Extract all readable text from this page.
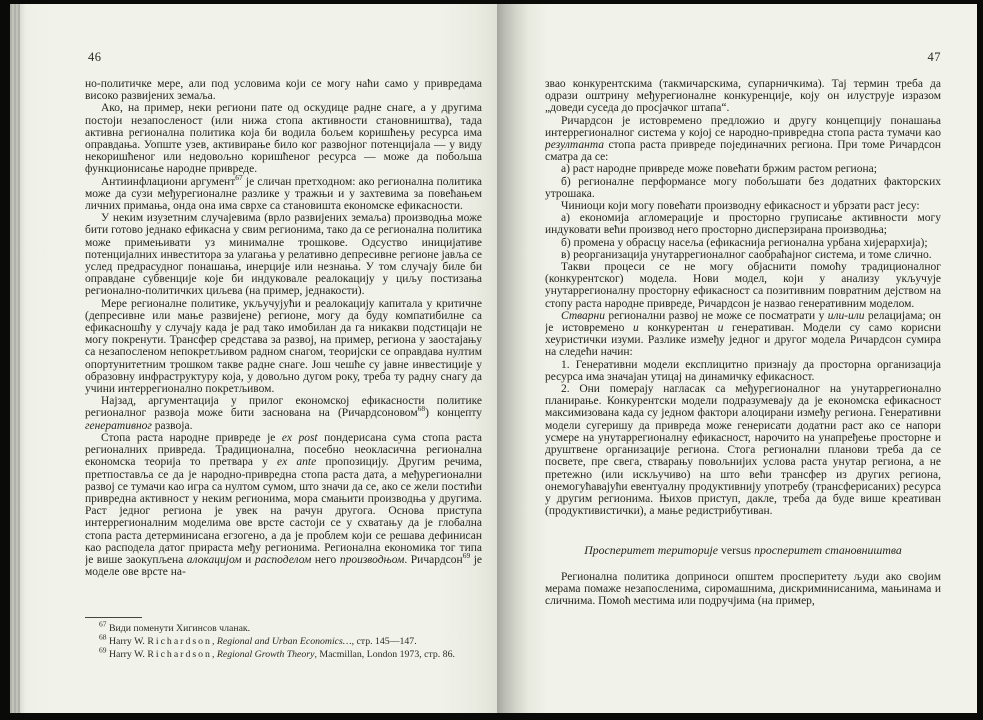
46

но-политичке мере, али под условима који се могу наћи само у привредама високо развијених земаља.

Ако, на пример, неки региони пате од оскудице радне снаге, а у другима постоји незапосленост (или нижа стопа активности становништва), тада активна регионална политика која би водила бољем коришћењу ресурса има оправдања. Уопште узев, активирање било ког развојног потенцијала — у виду некоришћеног или недовољно коришћеног ресурса — може да побољша функционисање народне привреде.

Антиинфлациони аргумент$^{67}$ је сличан претходном: ако регионална политика може да сузи међурегионалне разлике у тражњи и у захтевима за повећањем личних примања, онда она има сврхе са становишта економске ефикасности.

У неким изузетним случајевима (врло развијених земаља) производња може бити готово једнако ефикасна у свим регионима, тако да се регионална политика може примењивати уз минималне трошкове. Одсуство иницијативе потенцијалних инвеститора за улагања у релативно депресивне регионе јавља се услед предрасудног понашања, инерције или незнања. У том случају биле би оправдане субвенције које би индуковале реалокацију у циљу постизања регионално-политичких циљева (на пример, једнакости).

Мере регионалне политике, укључујући и реалокацију капитала у критичне (депресивне или мање развијене) регионе, могу да буду компатибилне са ефикасношћу у случају када је рад тако имобилан да га никакви подстицаји не могу покренути. Трансфер средстава за развој, на пример, региона у заостајању са незапосленом непокретљивом радном снагом, теоријски се оправдава нултим опортунитетним трошком такве радне снаге. Још чешће су јавне инвестиције у образовну инфраструктуру која, у довољно дугом року, треба ту радну снагу да учини интеррегионално покретљивом.

Најзад, аргументација у прилог економској ефикасности политике регионалног развоја може бити заснована на (Ричардсоновом$^{68}$) концепту генеративног развоја.

Стопа раста народне привреде је ex post пондерисана сума стопа раста регионалних привреда. Традиционална, посебно неокласична регионална економска теорија то претвара у ex ante пропозицију. Другим речима, претпоставља се да је народно-привредна стопа раста дата, а међурегионални развој се тумачи као игра са нултом сумом, што значи да се, ако се жели постићи привредна активност у неким регионима, мора смањити производња у другима. Раст једног региона је увек на рачун другога. Основа приступа интеррегионалним моделима ове врсте састоји се у схватању да је глобална стопа раста детерминисана егзогено, а да је проблем који се решава дефинисан као расподела датог прираста међу регионима. Регионална економика тог типа је више заокупљена алокацијом и расподелом него производњом. Ричардсон$^{69}$ је моделе ове врсте на-

$^{67}$ Види поменути Хигинсов чланак.

$^{68}$ Harry W. Richardson, Regional and Urban Economics…, стр. 145—147.

$^{69}$ Harry W. Richardson, Regional Growth Theory, Macmillan, London 1973, стр. 86.

47

звао конкурентскима (такмичарскима, супарничкима). Тај термин треба да одрази оштрину међурегионалне конкуренције, коју он илуструје изразом „доведи суседа до просјачког штапа“.

Ричардсон је истовремено предложио и другу концепцију понашања интеррегионалног система у којој се народно-привредна стопа раста тумачи као резултанта стопа раста привреде појединачних региона. При томе Ричардсон сматра да се:

а) раст народне привреде може повећати бржим растом региона;

б) регионалне перформансе могу побољшати без додатних факторских утрошака.

Чиниоци који могу повећати производну ефикасност и убрзати раст јесу:

а) економија агломерације и просторно груписање активности могу индуковати већи производ него просторно дисперзирана производња;

б) промена у обрасцу насеља (ефикаснија регионална урбана хијерархија);

в) реорганизација унутаррегионалног саобраћајног система, и томе слично.

Такви процеси се не могу објаснити помоћу традиционалног (конкурентског) модела. Нови модел, који у анализу укључује унутаррегионалну просторну ефикасност са позитивним повратним дејством на стопу раста народне привреде, Ричардсон је назвао генеративним моделом.

Стварни регионални развој не може се посматрати у или-или релацијама; он је истовремено и конкурентан и генеративан. Модели су само корисни хеуристички изуми. Разлике између једног и другог модела Ричардсон сумира на следећи начин:

1. Генеративни модели експлицитно признају да просторна организација ресурса има значајан утицај на динамичку ефикасност.

2. Они померају нагласак са међурегионалног на унутаррегионално планирање. Конкурентски модели подразумевају да је економска ефикасност максимизована када су једном фактори алоцирани између региона. Генеративни модели сугеришу да привреда може генерисати додатни раст ако се напори усмере на унутаррегионалну ефикасност, нарочито на унапређење просторне и друштвене организације региона. Стога регионални планови треба да се посвете, пре свега, стварању повољнијих услова раста унутар региона, а не претежно (или искључиво) на што већи трансфер из других региона, онемогућавајући евентуалну продуктивнију употребу (трансферисаних) ресурса у другим регионима. Њихов приступ, дакле, треба да буде више креативан (продуктивистички), а мање редистрибутиван.

Просперитет територије versus просперитет становништва

Регионална политика доприноси општем просперитету људи ако својим мерама помаже незапосленима, сиромашнима, дискриминисанима, мањинама и сличнима. Помоћ местима или подручјима (на пример,
